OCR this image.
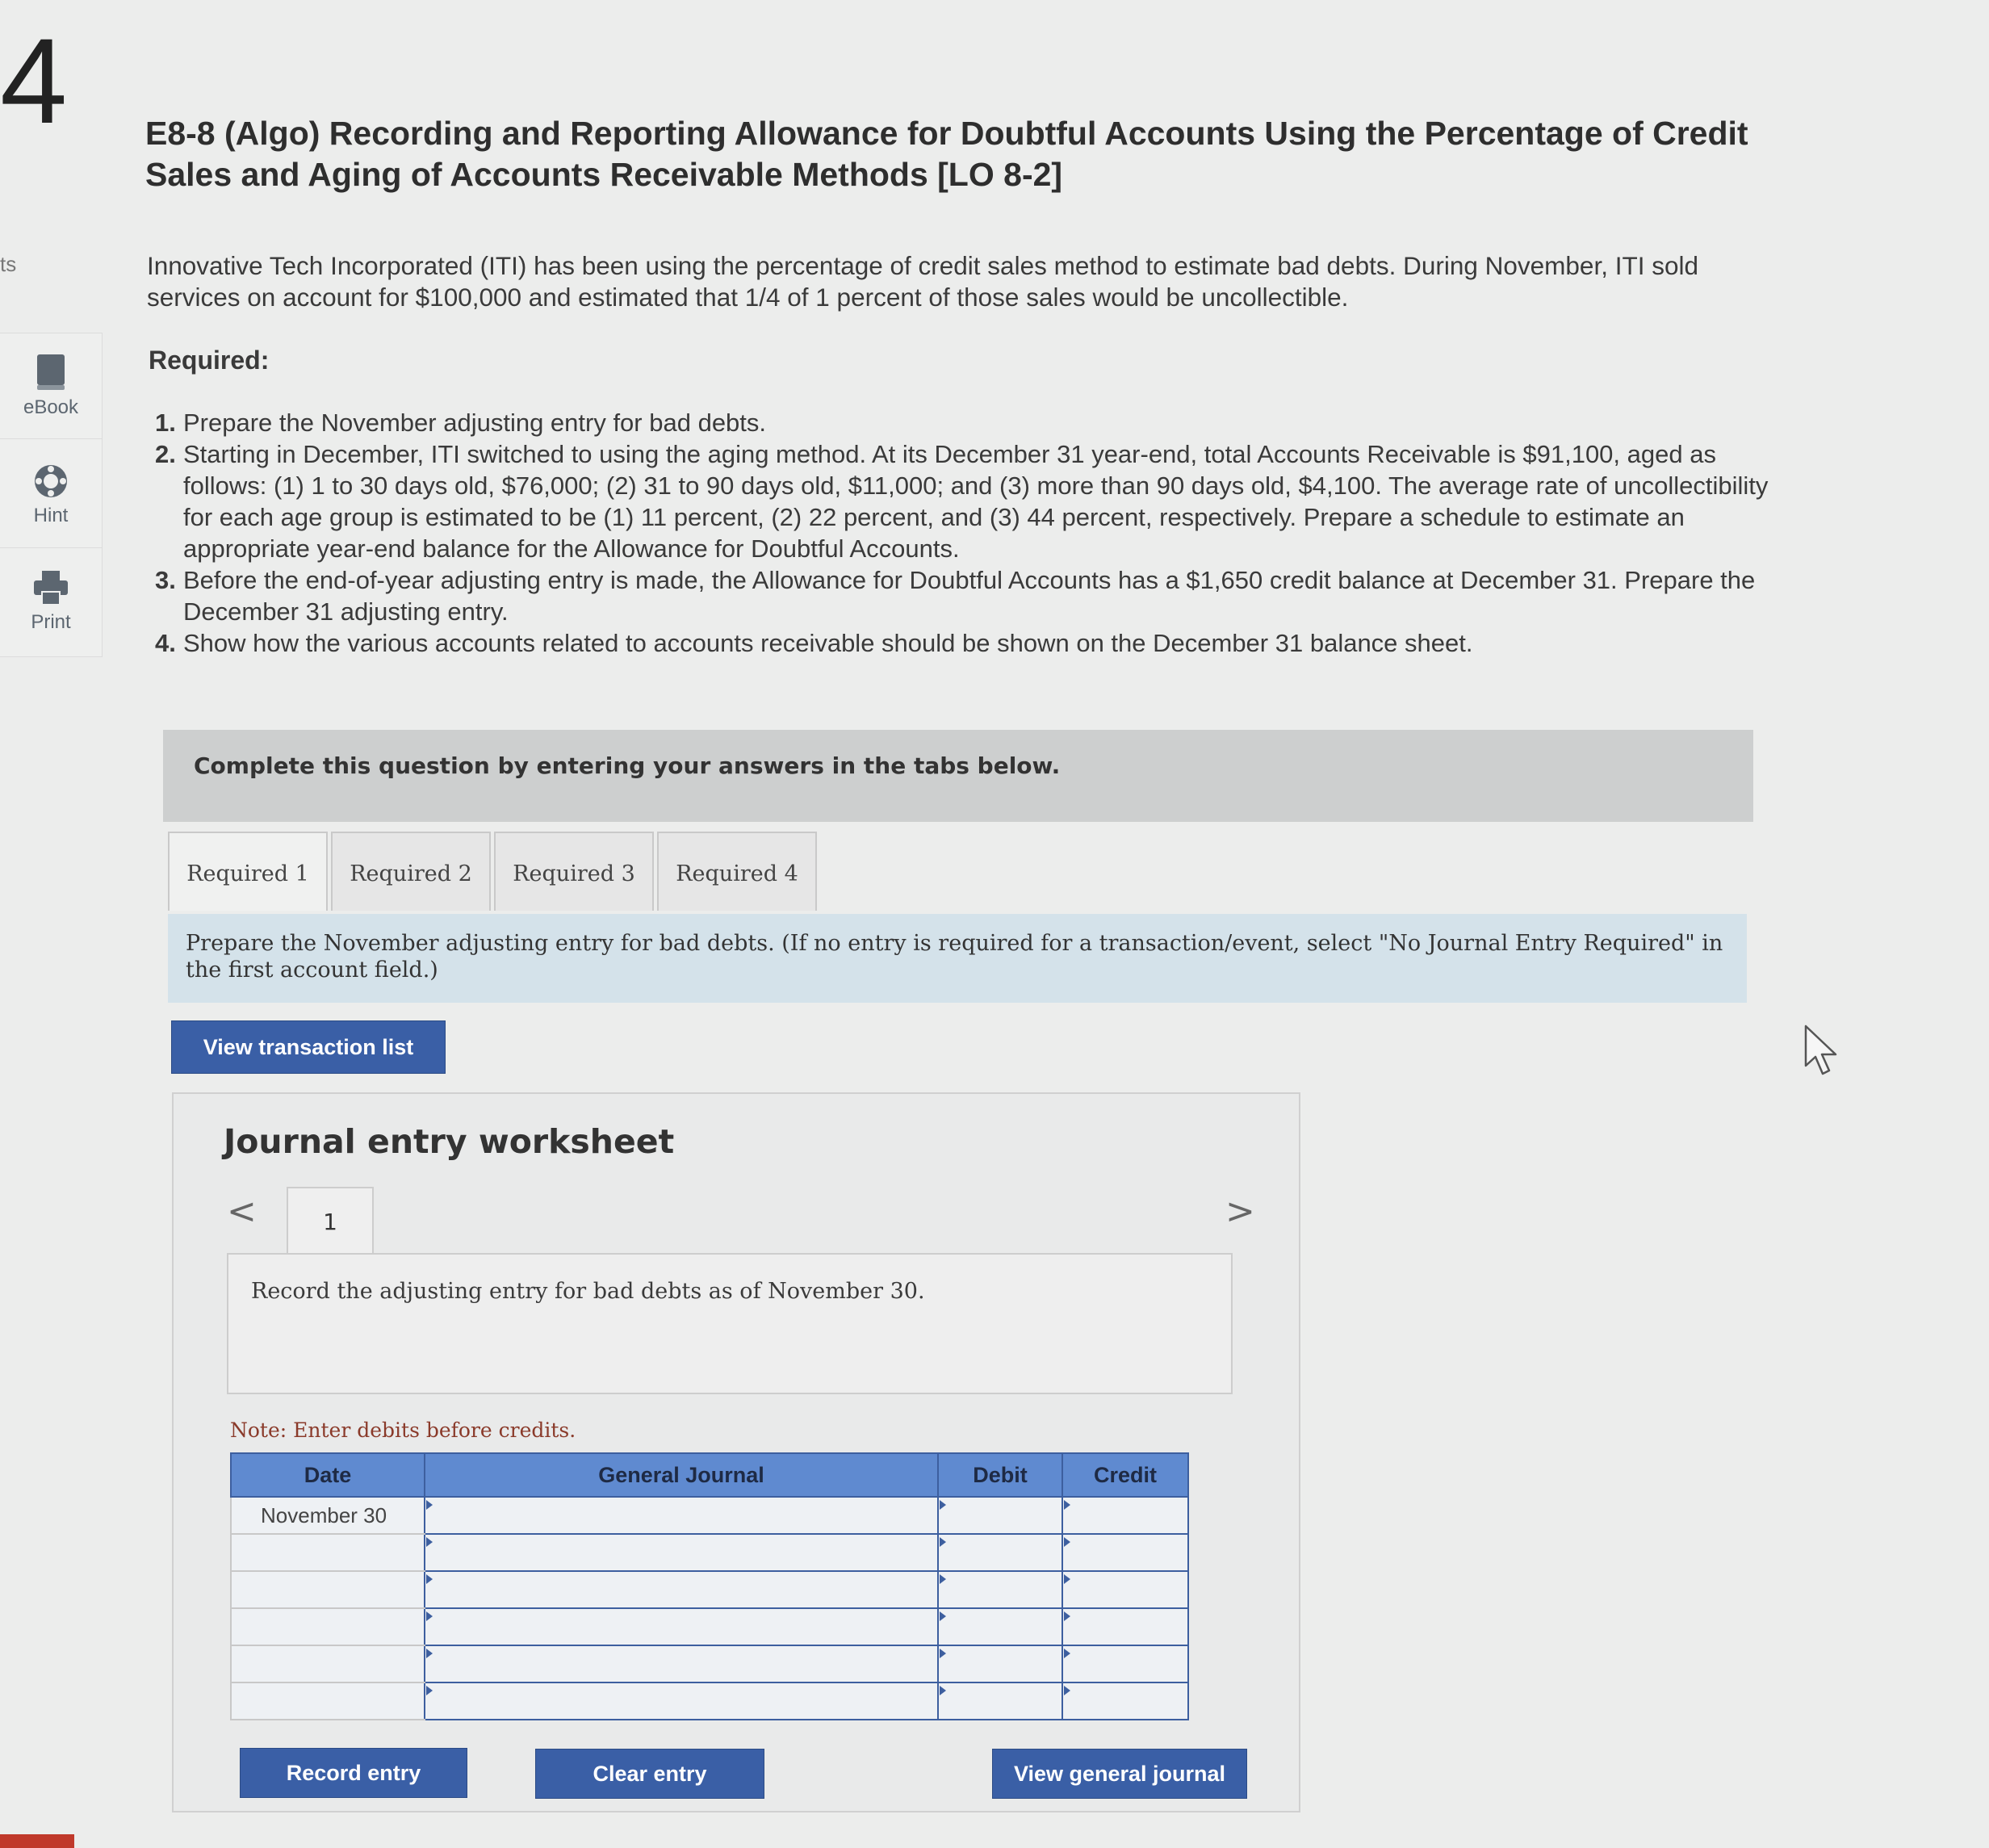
4
ts
eBook
Hint
Print
E8-8 (Algo) Recording and Reporting Allowance for Doubtful Accounts Using the Percentage of Credit Sales and Aging of Accounts Receivable Methods [LO 8-2]
Innovative Tech Incorporated (ITI) has been using the percentage of credit sales method to estimate bad debts. During November, ITI sold services on account for $100,000 and estimated that 1/4 of 1 percent of those sales would be uncollectible.
Required:
1. Prepare the November adjusting entry for bad debts.
2. Starting in December, ITI switched to using the aging method. At its December 31 year-end, total Accounts Receivable is $91,100, aged as follows: (1) 1 to 30 days old, $76,000; (2) 31 to 90 days old, $11,000; and (3) more than 90 days old, $4,100. The average rate of uncollectibility for each age group is estimated to be (1) 11 percent, (2) 22 percent, and (3) 44 percent, respectively. Prepare a schedule to estimate an appropriate year-end balance for the Allowance for Doubtful Accounts.
3. Before the end-of-year adjusting entry is made, the Allowance for Doubtful Accounts has a $1,650 credit balance at December 31. Prepare the December 31 adjusting entry.
4. Show how the various accounts related to accounts receivable should be shown on the December 31 balance sheet.
Complete this question by entering your answers in the tabs below.
Required 1	Required 2	Required 3	Required 4
Prepare the November adjusting entry for bad debts. (If no entry is required for a transaction/event, select "No Journal Entry Required" in the first account field.)
View transaction list
Journal entry worksheet
<	1	>
Record the adjusting entry for bad debts as of November 30.
Note: Enter debits before credits.
Date	General Journal	Debit	Credit
November 30	

Record entry	Clear entry	View general journal
